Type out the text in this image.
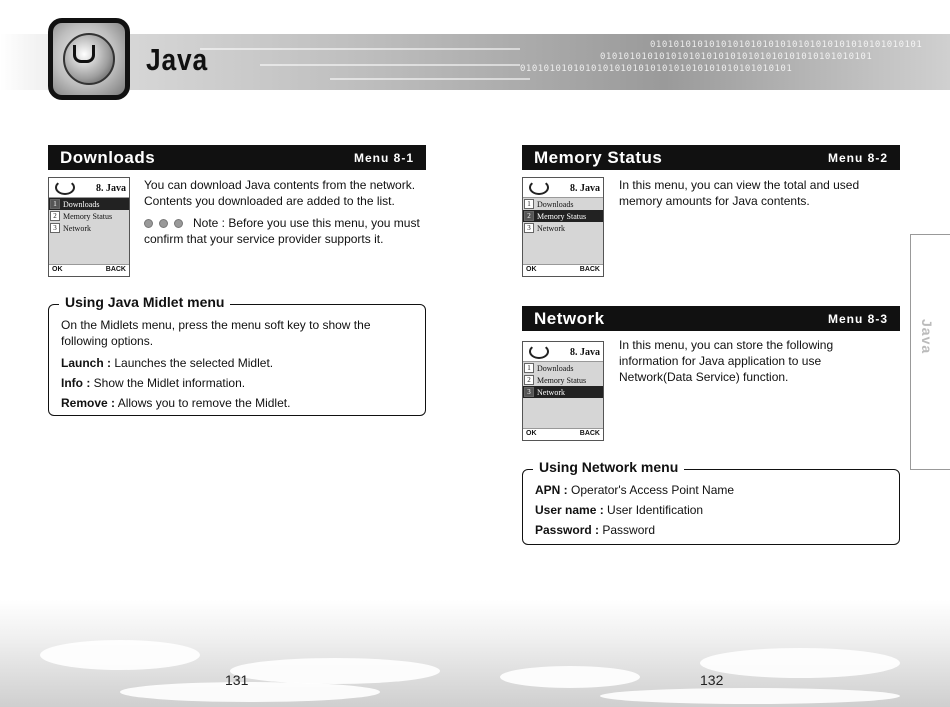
0101010101010101010101010101010101010101010101
0101010101010101010101010101010101010101010101
0101010101010101010101010101010101010101010101
Java
Downloads	Menu 8-1
8. Java
1 Downloads
2 Memory Status
3 Network
OK	BACK
You can download Java contents from the network. Contents you downloaded are added to the list.
Note : Before you use this menu, you must confirm that your service provider supports it.
Using Java Midlet menu
On the Midlets menu, press the menu soft key to show the following options.
Launch : Launches the selected Midlet.
Info : Show the Midlet information.
Remove : Allows you to remove the Midlet.
Memory Status	Menu 8-2
8. Java
1 Downloads
2 Memory Status
3 Network
OK	BACK
In this menu, you can view the total and used memory amounts for Java contents.
Network	Menu 8-3
8. Java
1 Downloads
2 Memory Status
3 Network
OK	BACK
In this menu, you can store the following information for Java application to use Network(Data Service) function.
Using Network menu
APN : Operator's Access Point Name
User name : User Identification
Password : Password
Java
131	132
